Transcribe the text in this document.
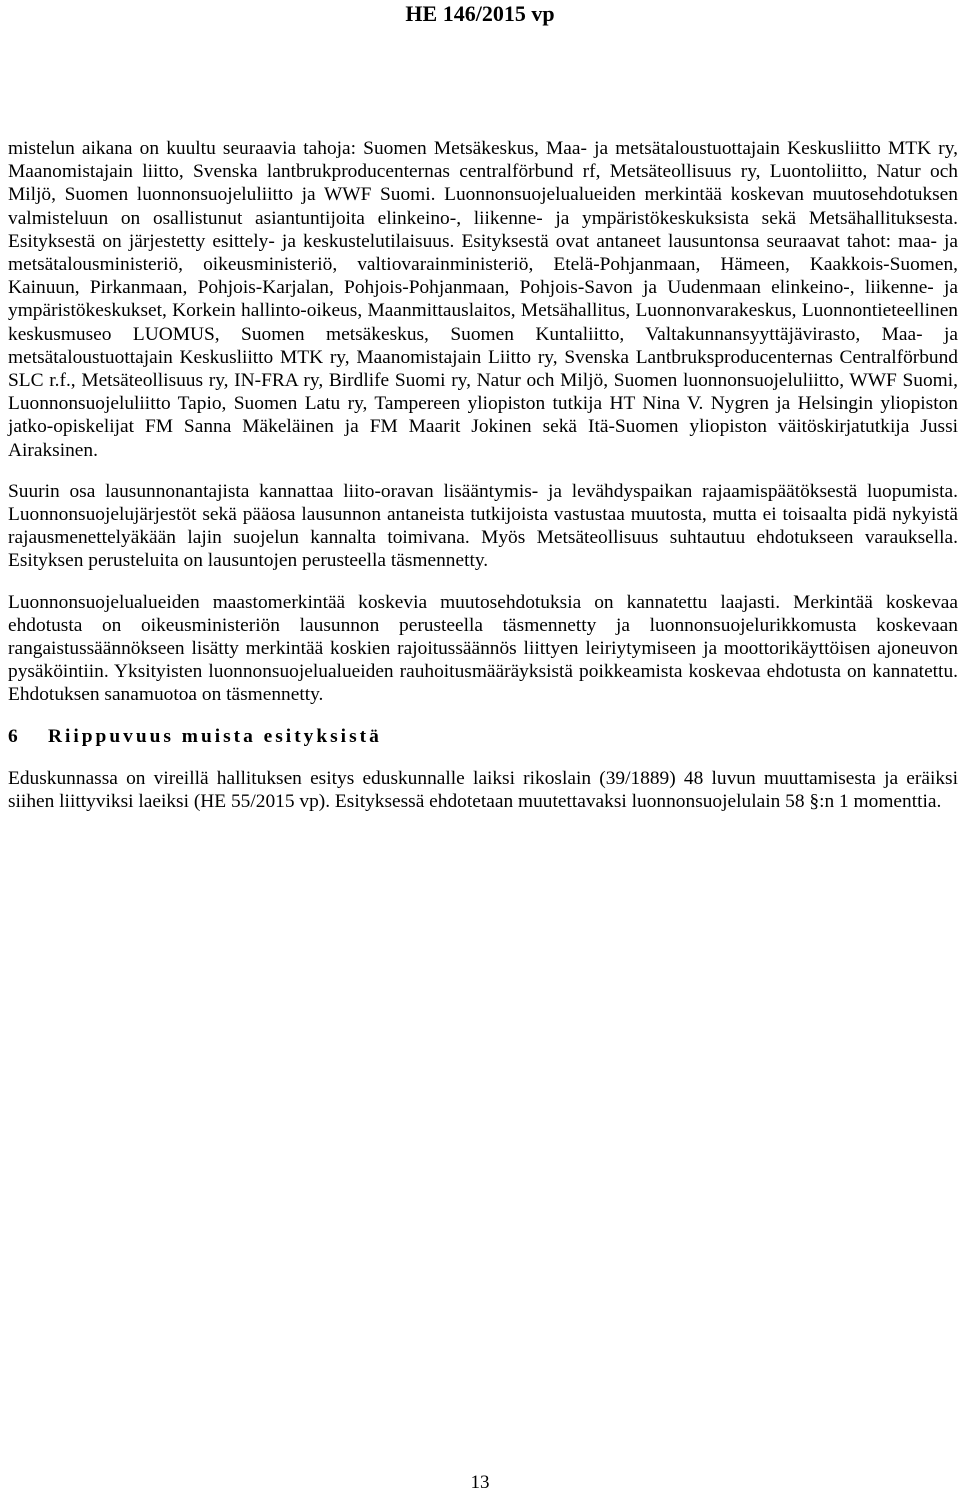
HE 146/2015 vp

mistelun aikana on kuultu seuraavia tahoja: Suomen Metsäkeskus, Maa- ja metsätaloustuottajain Keskusliitto MTK ry, Maanomistajain liitto, Svenska lantbrukproducenternas centralförbund rf, Metsäteollisuus ry, Luontoliitto, Natur och Miljö, Suomen luonnonsuojeluliitto ja WWF Suomi. Luonnonsuojelualueiden merkintää koskevan muutosehdotuksen valmisteluun on osallistunut asiantuntijoita elinkeino-, liikenne- ja ympäristökeskuksista sekä Metsähallituksesta. Esityksestä on järjestetty esittely- ja keskustelutilaisuus. Esityksestä ovat antaneet lausuntonsa seuraavat tahot: maa- ja metsätalousministeriö, oikeusministeriö, valtiovarainministeriö, Etelä-Pohjanmaan, Hämeen, Kaakkois-Suomen, Kainuun, Pirkanmaan, Pohjois-Karjalan, Pohjois-Pohjanmaan, Pohjois-Savon ja Uudenmaan elinkeino-, liikenne- ja ympäristökeskukset, Korkein hallinto-oikeus, Maanmittauslaitos, Metsähallitus, Luonnonvarakeskus, Luonnontieteellinen keskusmuseo LUOMUS, Suomen metsäkeskus, Suomen Kuntaliitto, Valtakunnansyyttäjävirasto, Maa- ja metsätaloustuottajain Keskusliitto MTK ry, Maanomistajain Liitto ry, Svenska Lantbruksproducenternas Centralförbund SLC r.f., Metsäteollisuus ry, IN-FRA ry, Birdlife Suomi ry, Natur och Miljö, Suomen luonnonsuojeluliitto, WWF Suomi, Luonnonsuojeluliitto Tapio, Suomen Latu ry, Tampereen yliopiston tutkija HT Nina V. Nygren ja Helsingin yliopiston jatko-opiskelijat FM Sanna Mäkeläinen ja FM Maarit Jokinen sekä Itä-Suomen yliopiston väitöskirjatutkija Jussi Airaksinen.

Suurin osa lausunnonantajista kannattaa liito-oravan lisääntymis- ja levähdyspaikan rajaamispäätöksestä luopumista. Luonnonsuojelujärjestöt sekä pääosa lausunnon antaneista tutkijoista vastustaa muutosta, mutta ei toisaalta pidä nykyistä rajausmenettelyäkään lajin suojelun kannalta toimivana. Myös Metsäteollisuus suhtautuu ehdotukseen varauksella. Esityksen perusteluita on lausuntojen perusteella täsmennetty.

Luonnonsuojelualueiden maastomerkintää koskevia muutosehdotuksia on kannatettu laajasti. Merkintää koskevaa ehdotusta on oikeusministeriön lausunnon perusteella täsmennetty ja luonnonsuojelurikkomusta koskevaan rangaistussäännökseen lisätty merkintää koskien rajoitussäännös liittyen leiriytymiseen ja moottorikäyttöisen ajoneuvon pysäköintiin. Yksityisten luonnonsuojelualueiden rauhoitusmääräyksistä poikkeamista koskevaa ehdotusta on kannatettu. Ehdotuksen sanamuotoa on täsmennetty.

6 Riippuvuus muista esityksistä

Eduskunnassa on vireillä hallituksen esitys eduskunnalle laiksi rikoslain (39/1889) 48 luvun muuttamisesta ja eräiksi siihen liittyviksi laeiksi (HE 55/2015 vp). Esityksessä ehdotetaan muutettavaksi luonnonsuojelulain 58 §:n 1 momenttia.

13
